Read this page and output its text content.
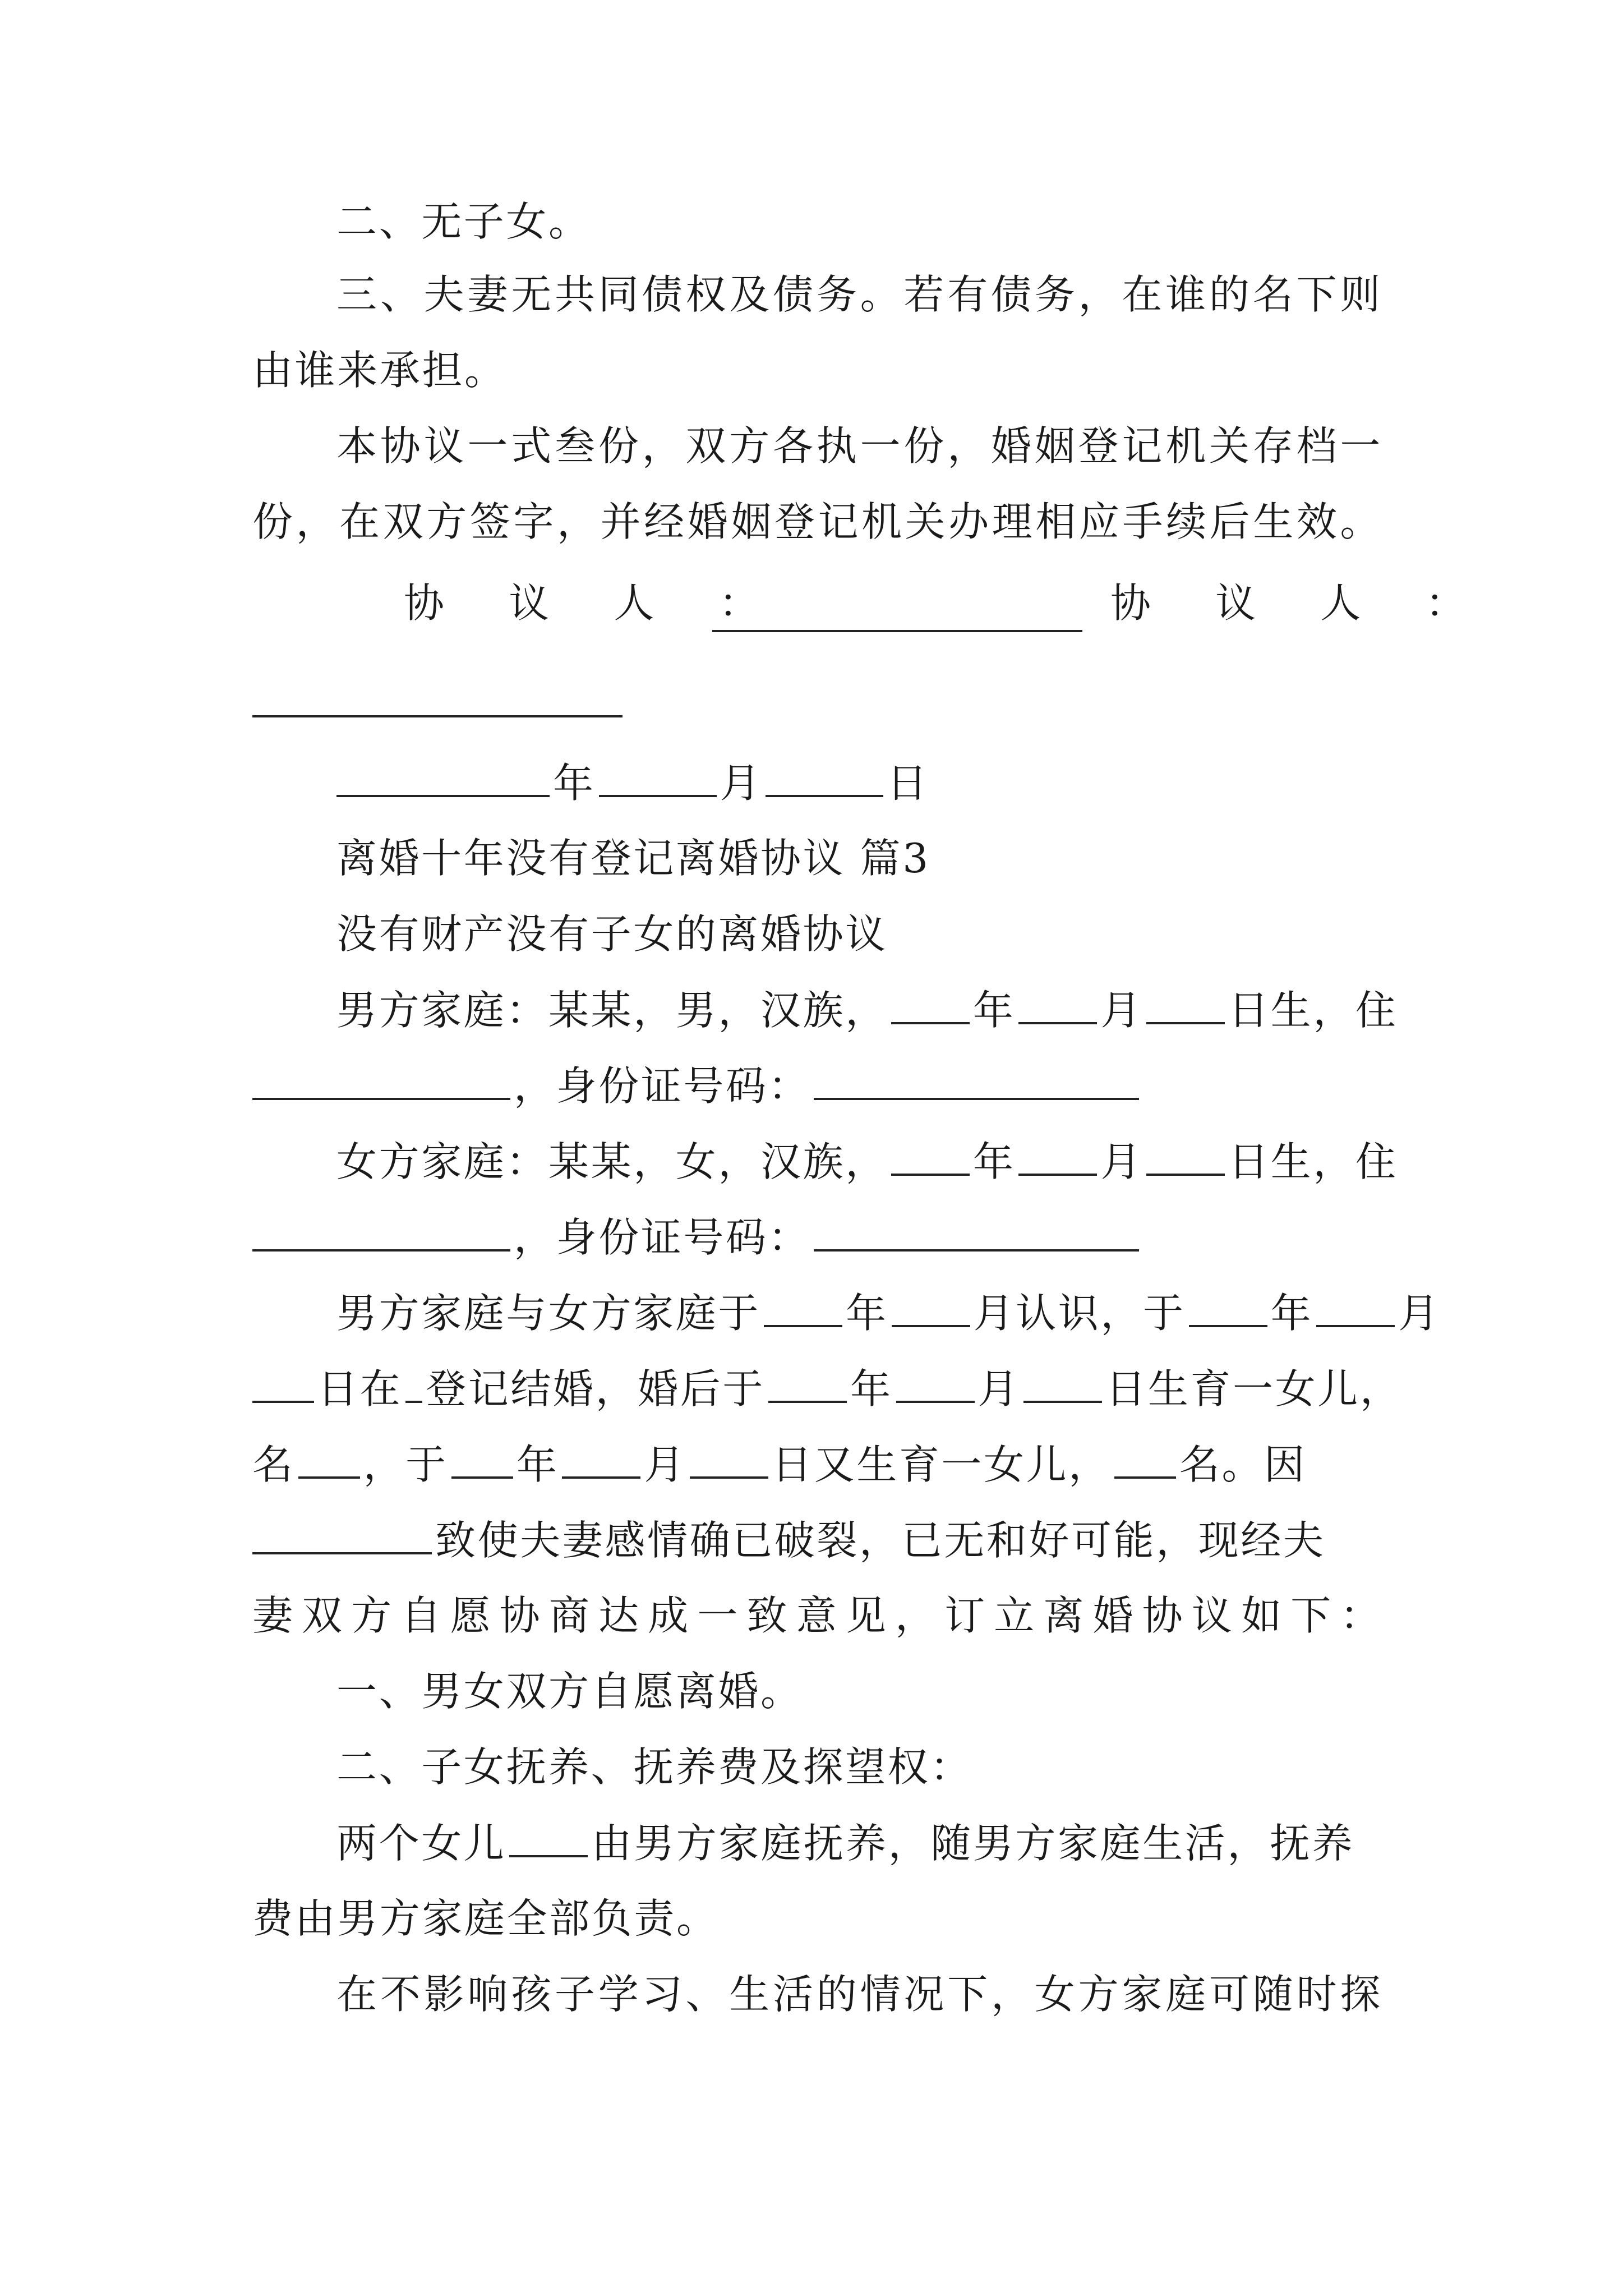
二、无子女。
三、夫妻无共同债权及债务。若有债务，在谁的名下则
由谁来承担。
本协议一式叁份，双方各执一份，婚姻登记机关存档一
份，在双方签字，并经婚姻登记机关办理相应手续后生效。
协议人：	协议人：
年	月	日
离婚十年没有登记离婚协议 篇3
没有财产没有子女的离婚协议
男方家庭：某某，男，汉族， 年 月 日生，住
，身份证号码：
女方家庭：某某，女，汉族， 年 月 日生，住
，身份证号码：
男方家庭与女方家庭于 年 月认识，于 年 月
日在 登记结婚，婚后于 年 月 日生育一女儿，
名 ，于 年 月 日又生育一女儿， 名。因
致使夫妻感情确已破裂，已无和好可能，现经夫
妻双方自愿协商达成一致意见，订立离婚协议如下：
一、男女双方自愿离婚。
二、子女抚养、抚养费及探望权：
两个女儿 由男方家庭抚养，随男方家庭生活，抚养
费由男方家庭全部负责。
在不影响孩子学习、生活的情况下，女方家庭可随时探
